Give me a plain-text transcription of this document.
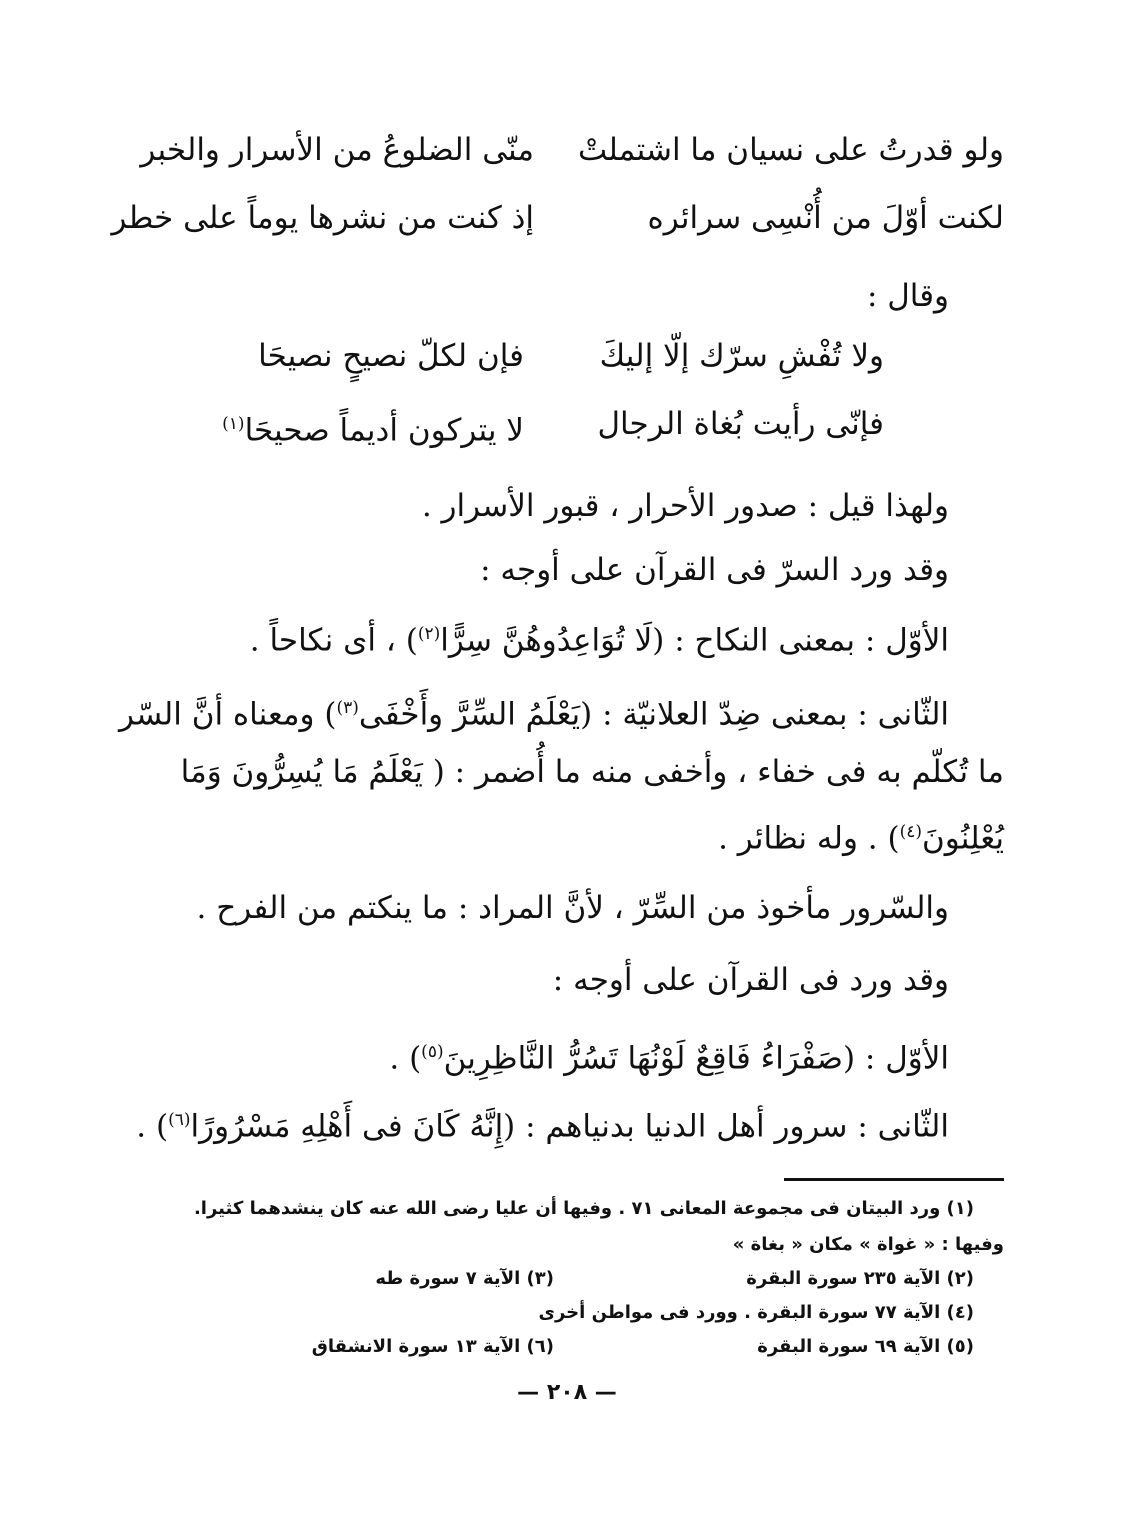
ولو قدرتُ على نسيان ما اشتملتْ
منّى الضلوعُ من الأسرار والخبر
لكنت أوّلَ من أُنْسِى سرائره
إذ كنت من نشرها يوماً على خطر
وقال :
ولا تُفْشِ سرّك إلّا إليكَ
فإن لكلّ نصيحٍ نصيحَا
فإنّى رأيت بُغاة الرجال
لا يتركون أديماً صحيحَا$^{(١)}$
ولهذا قيل : صدور الأحرار ، قبور الأسرار .
وقد ورد السرّ فى القرآن على أوجه :
الأوّل : بمعنى النكاح : (لَا تُوَاعِدُوهُنَّ سِرًّا$^{(٢)}$) ، أى نكاحاً .
الثّانى : بمعنى ضِدّ العلانيّة : (يَعْلَمُ السِّرَّ وأَخْفَى$^{(٣)}$) ومعناه أنَّ السّر
ما تُكلّم به فى خفاء ، وأخفى منه ما أُضمر : ( يَعْلَمُ مَا يُسِرُّونَ وَمَا
يُعْلِنُونَ$^{(٤)}$) . وله نظائر .
والسّرور مأخوذ من السِّرّ ، لأنَّ المراد : ما ينكتم من الفرح .
وقد ورد فى القرآن على أوجه :
الأوّل : (صَفْرَاءُ فَاقِعٌ لَوْنُهَا تَسُرُّ النَّاظِرِينَ$^{(٥)}$) .
الثّانى : سرور أهل الدنيا بدنياهم : (إِنَّهُ كَانَ فى أَهْلِهِ مَسْرُورًا$^{(٦)}$) .
(١) ورد البيتان فى مجموعة المعانى ٧١ . وفيها أن عليا رضى الله عنه كان ينشدهما كثيرا.
وفيها : « غواة » مكان « بغاة »
(٢) الآية ٢٣٥ سورة البقرة
(٣) الآية ٧ سورة طه
(٤) الآية ٧٧ سورة البقرة . وورد فى مواطن أخرى
(٥) الآية ٦٩ سورة البقرة
(٦) الآية ١٣ سورة الانشقاق
— ٢٠٨ —
